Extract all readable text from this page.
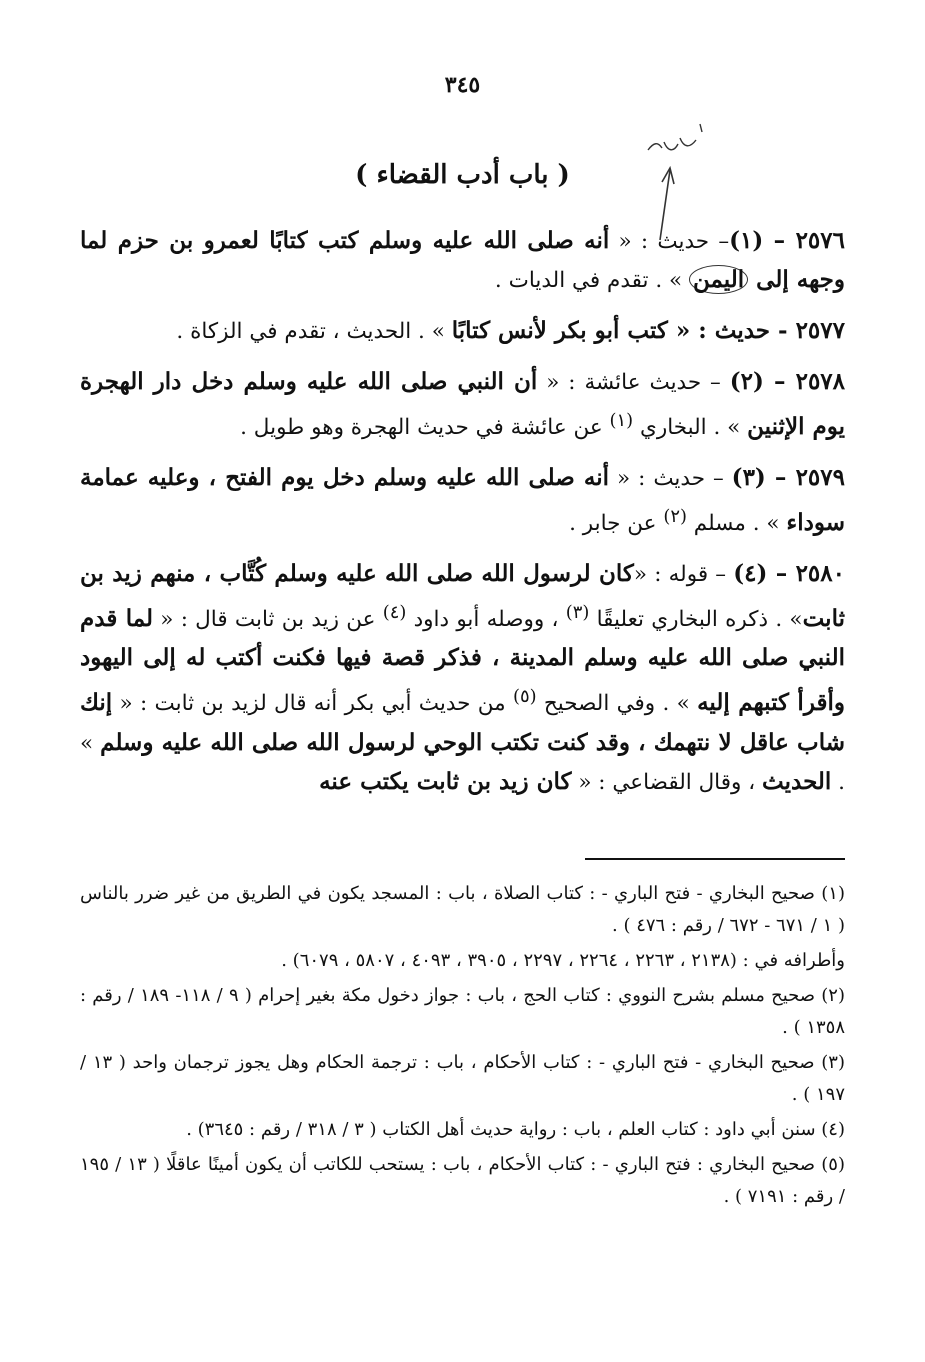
٣٤٥
( باب أدب القضاء )

٢٥٧٦ – (١)– حديث : « أنه صلى الله عليه وسلم كتب كتابًا لعمرو بن حزم لما وجهه إلى اليمن » . تقدم في الديات .

٢٥٧٧ - حديث : « كتب أبو بكر لأنس كتابًا » . الحديث ، تقدم في الزكاة .

٢٥٧٨ – (٢) – حديث عائشة : « أن النبي صلى الله عليه وسلم دخل دار الهجرة يوم الإثنين » . البخاري $^{(١)}$ عن عائشة في حديث الهجرة وهو طويل .

٢٥٧٩ – (٣) – حديث : « أنه صلى الله عليه وسلم دخل يوم الفتح ، وعليه عمامة سوداء » . مسلم $^{(٢)}$ عن جابر .

٢٥٨٠ – (٤) – قوله : «كان لرسول الله صلى الله عليه وسلم كُتَّاب ، منهم زيد بن ثابت» . ذكره البخاري تعليقًا $^{(٣)}$ ، ووصله أبو داود $^{(٤)}$ عن زيد بن ثابت قال : « لما قدم النبي صلى الله عليه وسلم المدينة ، فذكر قصة فيها فكنت أكتب له إلى اليهود وأقرأ كتبهم إليه » . وفي الصحيح $^{(٥)}$ من حديث أبي بكر أنه قال لزيد بن ثابت : « إنك شاب عاقل لا نتهمك ، وقد كنت تكتب الوحي لرسول الله صلى الله عليه وسلم » . الحديث ، وقال القضاعي : « كان زيد بن ثابت يكتب عنه

(١) صحيح البخاري - فتح الباري - : كتاب الصلاة ، باب : المسجد يكون في الطريق من غير ضرر بالناس ( ١ / ٦٧١ - ٦٧٢ / رقم : ٤٧٦ ) .

وأطرافه في : (٢١٣٨ ، ٢٢٦٣ ، ٢٢٦٤ ، ٢٢٩٧ ، ٣٩٠٥ ، ٤٠٩٣ ، ٥٨٠٧ ، ٦٠٧٩) .

(٢) صحيح مسلم بشرح النووي : كتاب الحج ، باب : جواز دخول مكة بغير إحرام ( ٩ / ١١٨- ١٨٩ / رقم : ١٣٥٨ ) .

(٣) صحيح البخاري - فتح الباري - : كتاب الأحكام ، باب : ترجمة الحكام وهل يجوز ترجمان واحد ( ١٣ / ١٩٧ ) .

(٤) سنن أبي داود : كتاب العلم ، باب : رواية حديث أهل الكتاب ( ٣ / ٣١٨ / رقم : ٣٦٤٥) .

(٥) صحيح البخاري : فتح الباري - : كتاب الأحكام ، باب : يستحب للكاتب أن يكون أمينًا عاقلًا ( ١٣ / ١٩٥ / رقم : ٧١٩١ ) .
